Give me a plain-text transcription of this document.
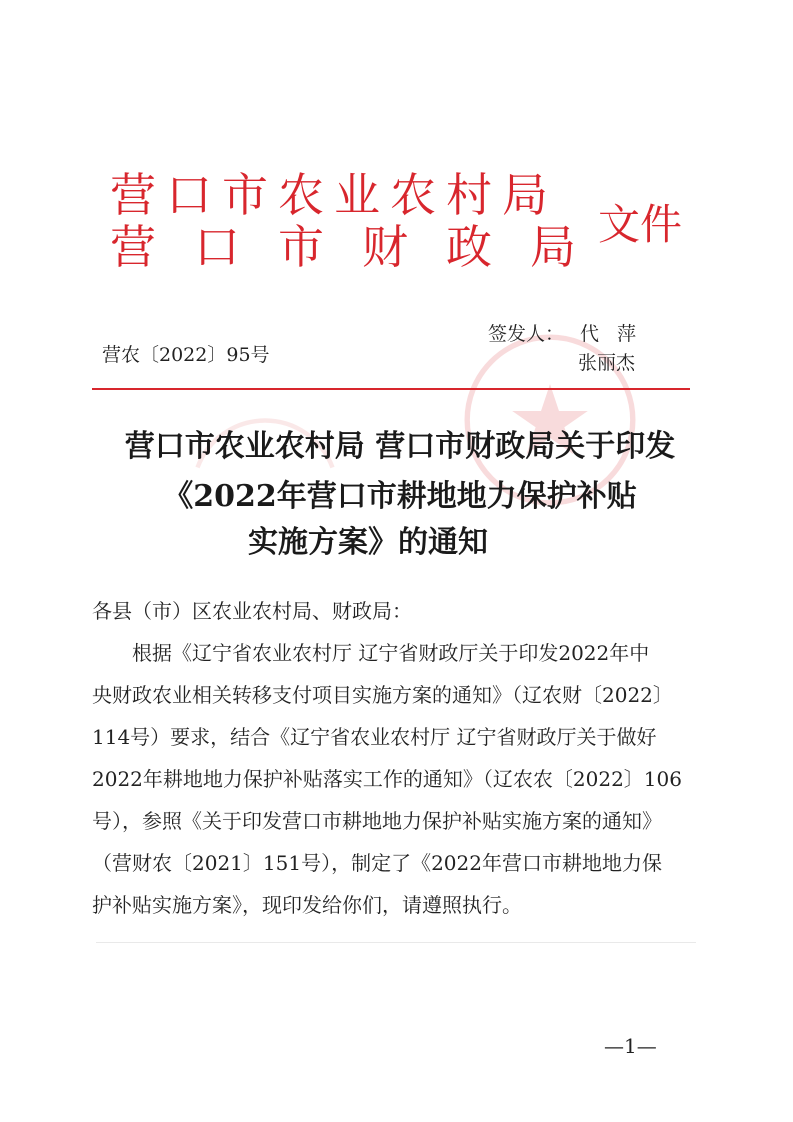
营口市农业农村局
营口市财政局
文件
签发人： 代萍
张丽杰
营农〔2022〕95号
营口市农业农村局 营口市财政局关于印发
《2022年营口市耕地地力保护补贴
实施方案》的通知
各县（市）区农业农村局、财政局：
根据《辽宁省农业农村厅 辽宁省财政厅关于印发2022年中
央财政农业相关转移支付项目实施方案的通知》（辽农财〔2022〕
114号）要求，结合《辽宁省农业农村厅 辽宁省财政厅关于做好
2022年耕地地力保护补贴落实工作的通知》（辽农农〔2022〕106
号），参照《关于印发营口市耕地地力保护补贴实施方案的通知》
（营财农〔2021〕151号），制定了《2022年营口市耕地地力保
护补贴实施方案》，现印发给你们，请遵照执行。
—1—
